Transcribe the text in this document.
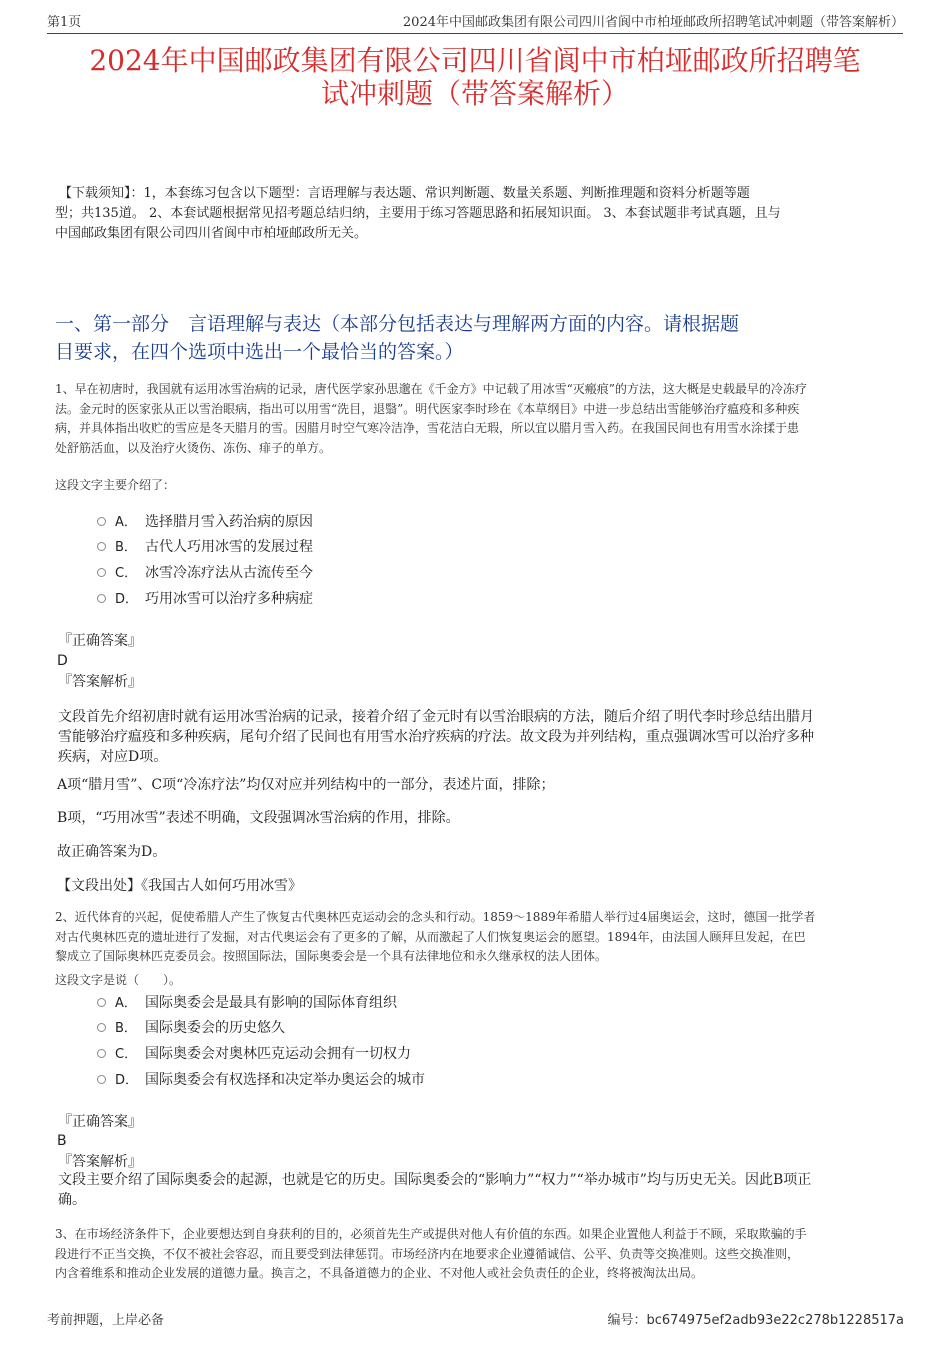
第1页	2024年中国邮政集团有限公司四川省阆中市柏垭邮政所招聘笔试冲刺题（带答案解析）
2024年中国邮政集团有限公司四川省阆中市柏垭邮政所招聘笔
试冲刺题（带答案解析）
【下载须知】：1，本套练习包含以下题型：言语理解与表达题、常识判断题、数量关系题、判断推理题和资料分析题等题
型；共135道。 2、本套试题根据常见招考题总结归纳，主要用于练习答题思路和拓展知识面。 3、本套试题非考试真题，且与
中国邮政集团有限公司四川省阆中市柏垭邮政所无关。
一、第一部分　言语理解与表达（本部分包括表达与理解两方面的内容。请根据题
目要求，在四个选项中选出一个最恰当的答案。）
1、早在初唐时，我国就有运用冰雪治病的记录，唐代医学家孙思邈在《千金方》中记载了用冰雪“灭瘢痕”的方法，这大概是史载最早的冷冻疗
法。金元时的医家张从正以雪治眼病，指出可以用雪“洗目，退翳”。明代医家李时珍在《本草纲目》中进一步总结出雪能够治疗瘟疫和多种疾
病，并具体指出收贮的雪应是冬天腊月的雪。因腊月时空气寒冷洁净，雪花洁白无瑕，所以宜以腊月雪入药。在我国民间也有用雪水涂揉于患
处舒筋活血，以及治疗火烫伤、冻伤、痱子的单方。
这段文字主要介绍了：
A． 选择腊月雪入药治病的原因
B． 古代人巧用冰雪的发展过程
C． 冰雪冷冻疗法从古流传至今
D． 巧用冰雪可以治疗多种病症
『正确答案』
D
『答案解析』
文段首先介绍初唐时就有运用冰雪治病的记录，接着介绍了金元时有以雪治眼病的方法，随后介绍了明代李时珍总结出腊月
雪能够治疗瘟疫和多种疾病，尾句介绍了民间也有用雪水治疗疾病的疗法。故文段为并列结构，重点强调冰雪可以治疗多种
疾病，对应D项。
A项“腊月雪”、C项“冷冻疗法”均仅对应并列结构中的一部分，表述片面，排除；
B项，“巧用冰雪”表述不明确，文段强调冰雪治病的作用，排除。
故正确答案为D。
【文段出处】《我国古人如何巧用冰雪》
2、近代体育的兴起，促使希腊人产生了恢复古代奥林匹克运动会的念头和行动。1859～1889年希腊人举行过4届奥运会，这时，德国一批学者
对古代奥林匹克的遗址进行了发掘，对古代奥运会有了更多的了解，从而激起了人们恢复奥运会的愿望。1894年，由法国人顾拜旦发起，在巴
黎成立了国际奥林匹克委员会。按照国际法，国际奥委会是一个具有法律地位和永久继承权的法人团体。
这段文字是说（　　）。
A． 国际奥委会是最具有影响的国际体育组织
B． 国际奥委会的历史悠久
C． 国际奥委会对奥林匹克运动会拥有一切权力
D． 国际奥委会有权选择和决定举办奥运会的城市
『正确答案』
B
『答案解析』
文段主要介绍了国际奥委会的起源，也就是它的历史。国际奥委会的“影响力”“权力”“举办城市”均与历史无关。因此B项正
确。
3、在市场经济条件下，企业要想达到自身获利的目的，必须首先生产或提供对他人有价值的东西。如果企业置他人利益于不顾，采取欺骗的手
段进行不正当交换，不仅不被社会容忍，而且要受到法律惩罚。市场经济内在地要求企业遵循诚信、公平、负责等交换准则。这些交换准则，
内含着维系和推动企业发展的道德力量。换言之，不具备道德力的企业、不对他人或社会负责任的企业，终将被淘汰出局。
考前押题，上岸必备	编号：bc674975ef2adb93e22c278b1228517a
